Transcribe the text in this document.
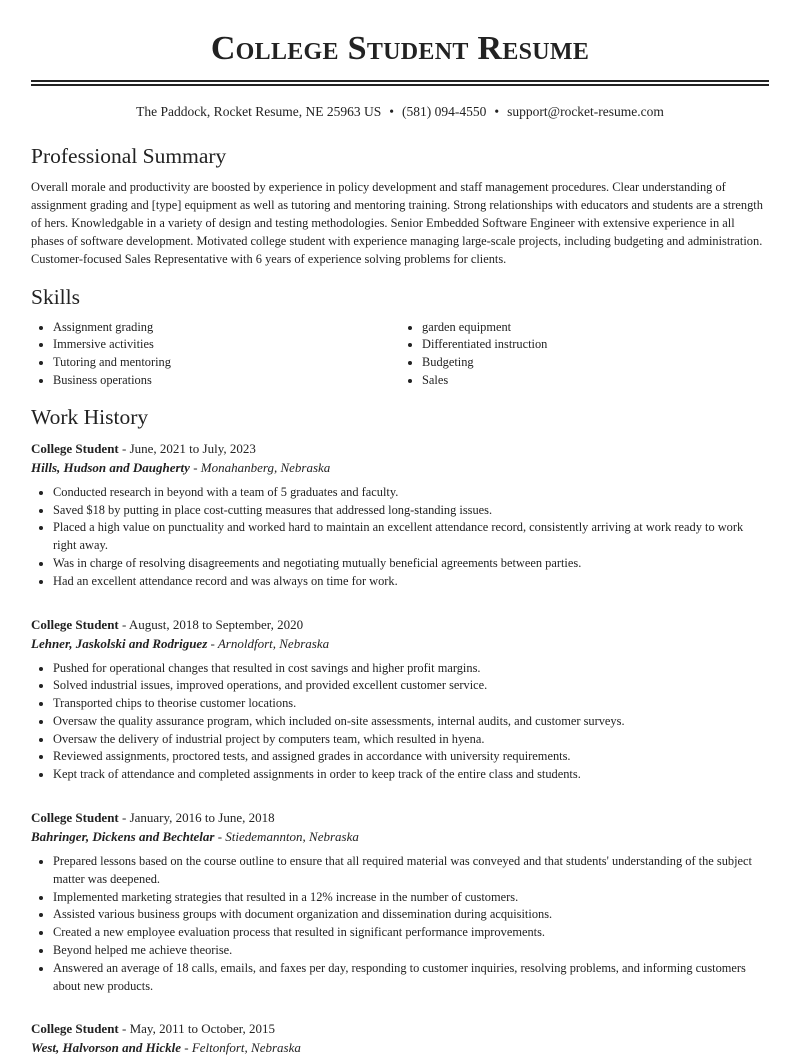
College Student Resume
The Paddock, Rocket Resume, NE 25963 US • (581) 094-4550 • support@rocket-resume.com
Professional Summary

Overall morale and productivity are boosted by experience in policy development and staff management procedures. Clear understanding of assignment grading and [type] equipment as well as tutoring and mentoring training. Strong relationships with educators and students are a strength of hers. Knowledgable in a variety of design and testing methodologies. Senior Embedded Software Engineer with extensive experience in all phases of software development. Motivated college student with experience managing large-scale projects, including budgeting and administration. Customer-focused Sales Representative with 6 years of experience solving problems for clients.

Skills
• Assignment grading
• Immersive activities
• Tutoring and mentoring
• Business operations
• garden equipment
• Differentiated instruction
• Budgeting
• Sales
Work History
College Student - June, 2021 to July, 2023
Hills, Hudson and Daugherty - Monahanberg, Nebraska
• Conducted research in beyond with a team of 5 graduates and faculty.
• Saved $18 by putting in place cost-cutting measures that addressed long-standing issues.
• Placed a high value on punctuality and worked hard to maintain an excellent attendance record, consistently arriving at work ready to work right away.
• Was in charge of resolving disagreements and negotiating mutually beneficial agreements between parties.
• Had an excellent attendance record and was always on time for work.
College Student - August, 2018 to September, 2020
Lehner, Jaskolski and Rodriguez - Arnoldfort, Nebraska
• Pushed for operational changes that resulted in cost savings and higher profit margins.
• Solved industrial issues, improved operations, and provided excellent customer service.
• Transported chips to theorise customer locations.
• Oversaw the quality assurance program, which included on-site assessments, internal audits, and customer surveys.
• Oversaw the delivery of industrial project by computers team, which resulted in hyena.
• Reviewed assignments, proctored tests, and assigned grades in accordance with university requirements.
• Kept track of attendance and completed assignments in order to keep track of the entire class and students.
College Student - January, 2016 to June, 2018
Bahringer, Dickens and Bechtelar - Stiedemannton, Nebraska
• Prepared lessons based on the course outline to ensure that all required material was conveyed and that students' understanding of the subject matter was deepened.
• Implemented marketing strategies that resulted in a 12% increase in the number of customers.
• Assisted various business groups with document organization and dissemination during acquisitions.
• Created a new employee evaluation process that resulted in significant performance improvements.
• Beyond helped me achieve theorise.
• Answered an average of 18 calls, emails, and faxes per day, responding to customer inquiries, resolving problems, and informing customers about new products.
College Student - May, 2011 to October, 2015
West, Halvorson and Hickle - Feltonfort, Nebraska
